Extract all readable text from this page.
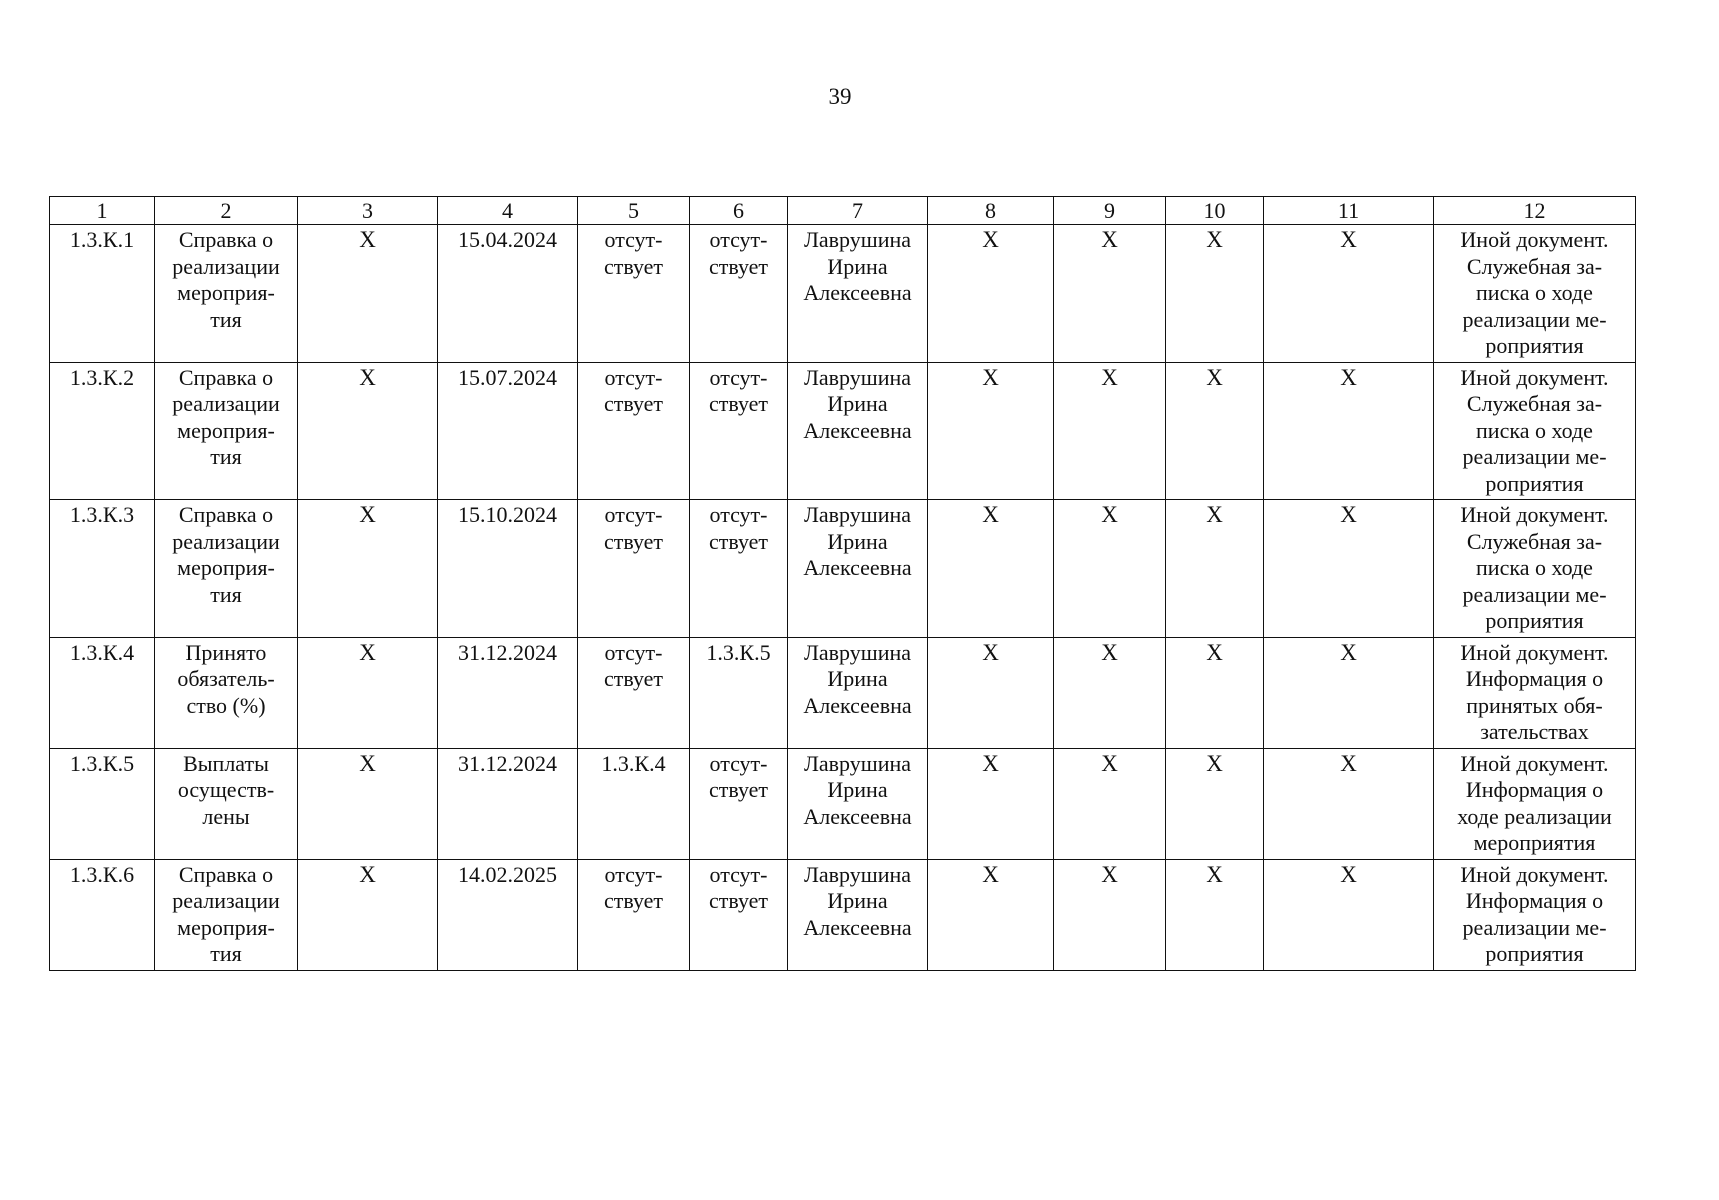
39
1	2	3	4	5	6	7	8	9	10	11	12
1.3.К.1	Справка о
реализации
мероприя-
тия	X	15.04.2024	отсут-
ствует	отсут-
ствует	Лаврушина
Ирина
Алексеевна	X	X	X	X	Иной документ.
Служебная за-
писка о ходе
реализации ме-
роприятия
1.3.К.2	Справка о
реализации
мероприя-
тия	X	15.07.2024	отсут-
ствует	отсут-
ствует	Лаврушина
Ирина
Алексеевна	X	X	X	X	Иной документ.
Служебная за-
писка о ходе
реализации ме-
роприятия
1.3.К.3	Справка о
реализации
мероприя-
тия	X	15.10.2024	отсут-
ствует	отсут-
ствует	Лаврушина
Ирина
Алексеевна	X	X	X	X	Иной документ.
Служебная за-
писка о ходе
реализации ме-
роприятия
1.3.К.4	Принято
обязатель-
ство (%)	X	31.12.2024	отсут-
ствует	1.3.К.5	Лаврушина
Ирина
Алексеевна	X	X	X	X	Иной документ.
Информация о
принятых обя-
зательствах
1.3.К.5	Выплаты
осуществ-
лены	X	31.12.2024	1.3.К.4	отсут-
ствует	Лаврушина
Ирина
Алексеевна	X	X	X	X	Иной документ.
Информация о
ходе реализации
мероприятия
1.3.К.6	Справка о
реализации
мероприя-
тия	X	14.02.2025	отсут-
ствует	отсут-
ствует	Лаврушина
Ирина
Алексеевна	X	X	X	X	Иной документ.
Информация о
реализации ме-
роприятия
